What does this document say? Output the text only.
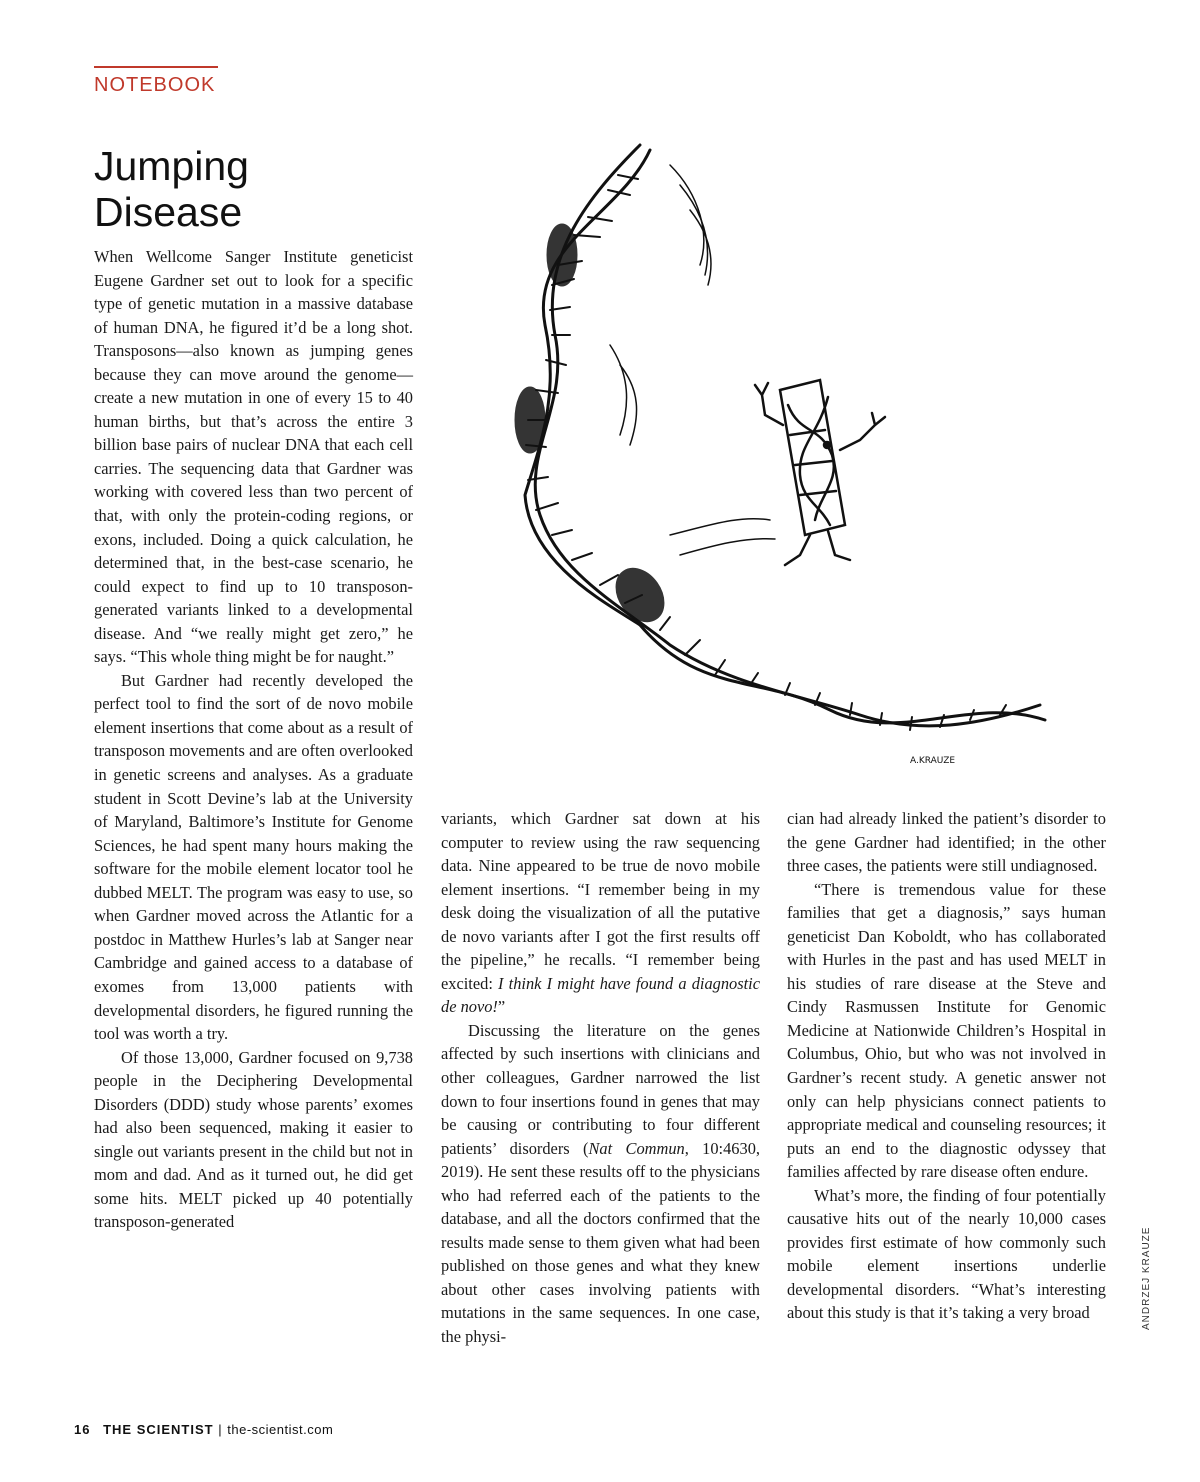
NOTEBOOK
Jumping
Disease
A.KRAUZE

When Wellcome Sanger Institute geneticist Eugene Gardner set out to look for a specific type of genetic mutation in a massive database of human DNA, he figured it’d be a long shot. Transposons—also known as jumping genes because they can move around the genome—create a new mutation in one of every 15 to 40 human births, but that’s across the entire 3 billion base pairs of nuclear DNA that each cell carries. The sequencing data that Gardner was working with covered less than two percent of that, with only the protein-coding regions, or exons, included. Doing a quick calculation, he determined that, in the best-case scenario, he could expect to find up to 10 transposon-generated variants linked to a developmental disease. And “we really might get zero,” he says. “This whole thing might be for naught.”

But Gardner had recently developed the perfect tool to find the sort of de novo mobile element insertions that come about as a result of transposon movements and are often overlooked in genetic screens and analyses. As a graduate student in Scott Devine’s lab at the University of Maryland, Baltimore’s Institute for Genome Sciences, he had spent many hours making the software for the mobile element locator tool he dubbed MELT. The program was easy to use, so when Gardner moved across the Atlantic for a postdoc in Matthew Hurles’s lab at Sanger near Cambridge and gained access to a database of exomes from 13,000 patients with developmental disorders, he figured running the tool was worth a try.

Of those 13,000, Gardner focused on 9,738 people in the Deciphering Developmental Disorders (DDD) study whose parents’ exomes had also been sequenced, making it easier to single out variants present in the child but not in mom and dad. And as it turned out, he did get some hits. MELT picked up 40 potentially transposon-generated

variants, which Gardner sat down at his computer to review using the raw sequencing data. Nine appeared to be true de novo mobile element insertions. “I remember being in my desk doing the visualization of all the putative de novo variants after I got the first results off the pipeline,” he recalls. “I remember being excited: I think I might have found a diagnostic de novo!”

Discussing the literature on the genes affected by such insertions with clinicians and other colleagues, Gardner narrowed the list down to four insertions found in genes that may be causing or contributing to four different patients’ disorders (Nat Commun, 10:4630, 2019). He sent these results off to the physicians who had referred each of the patients to the database, and all the doctors confirmed that the results made sense to them given what had been published on those genes and what they knew about other cases involving patients with mutations in the same sequences. In one case, the physi-

cian had already linked the patient’s disorder to the gene Gardner had identified; in the other three cases, the patients were still undiagnosed.

“There is tremendous value for these families that get a diagnosis,” says human geneticist Dan Koboldt, who has collaborated with Hurles in the past and has used MELT in his studies of rare disease at the Steve and Cindy Rasmussen Institute for Genomic Medicine at Nationwide Children’s Hospital in Columbus, Ohio, but who was not involved in Gardner’s recent study. A genetic answer not only can help physicians connect patients to appropriate medical and counseling resources; it puts an end to the diagnostic odyssey that families affected by rare disease often endure.

What’s more, the finding of four potentially causative hits out of the nearly 10,000 cases provides first estimate of how commonly such mobile element insertions underlie developmental disorders. “What’s interesting about this study is that it’s taking a very broad	ANDRZEJ KRAUZE
16 THE SCIENTIST | the-scientist.com
